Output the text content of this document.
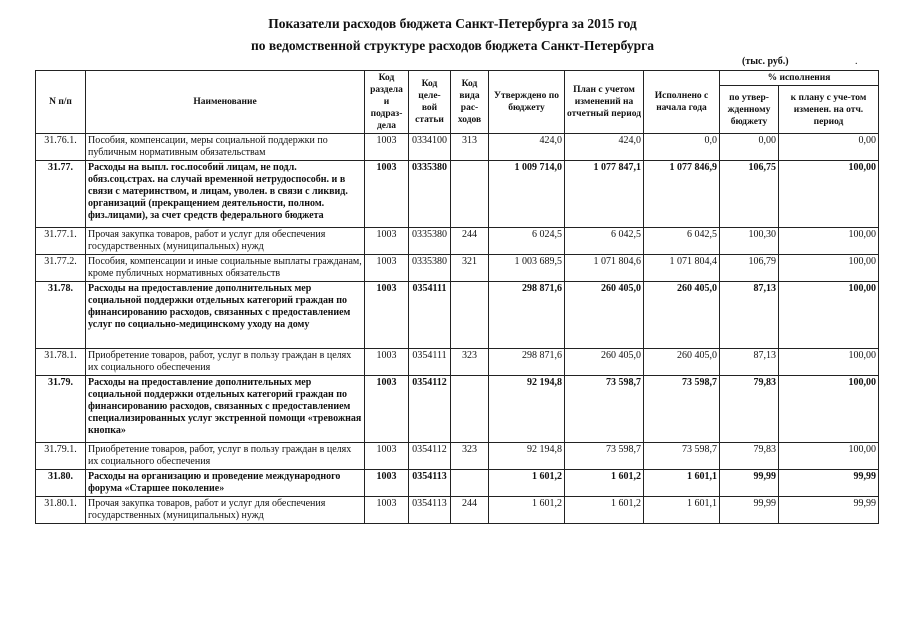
Показатели расходов бюджета Санкт-Петербурга за 2015 год
по ведомственной структуре расходов бюджета Санкт-Петербурга
(тыс. руб.)	.
N п/п	Наименование	Код раздела и подраз-дела	Код целе-вой статьи	Код вида рас-ходов	Утверждено по бюджету	План с учетом изменений на отчетный период	Исполнено с начала года	% исполнения	
								по утвер-жденному бюджету	к плану с уче-том изменен. на отч. период
31.76.1.	Пособия, компенсации, меры социальной поддержки по публичным нормативным обязательствам	1003	0334100	313	424,0	424,0	0,0	0,00	0,00
31.77.	Расходы на выпл. гос.пособий лицам, не подл. обяз.соц.страх. на случай временной нетрудоспособн. и в связи с материнством, и лицам, уволен. в связи с ликвид. организаций (прекращением деятельности, полном. физ.лицами), за счет средств федерального бюджета	1003	0335380		1 009 714,0	1 077 847,1	1 077 846,9	106,75	100,00
31.77.1.	Прочая закупка товаров, работ и услуг для обеспечения государственных (муниципальных) нужд	1003	0335380	244	6 024,5	6 042,5	6 042,5	100,30	100,00
31.77.2.	Пособия, компенсации и иные социальные выплаты гражданам, кроме публичных нормативных обязательств	1003	0335380	321	1 003 689,5	1 071 804,6	1 071 804,4	106,79	100,00
31.78.	Расходы на предоставление дополнительных мер социальной поддержки отдельных категорий граждан по финансированию расходов, связанных с предоставлением услуг по социально-медицинскому уходу на дому	1003	0354111		298 871,6	260 405,0	260 405,0	87,13	100,00
31.78.1.	Приобретение товаров, работ, услуг в пользу граждан в целях их социального обеспечения	1003	0354111	323	298 871,6	260 405,0	260 405,0	87,13	100,00
31.79.	Расходы на предоставление дополнительных мер социальной поддержки отдельных категорий граждан по финансированию расходов, связанных с предоставлением специализированных услуг экстренной помощи «тревожная кнопка»	1003	0354112		92 194,8	73 598,7	73 598,7	79,83	100,00
31.79.1.	Приобретение товаров, работ, услуг в пользу граждан в целях их социального обеспечения	1003	0354112	323	92 194,8	73 598,7	73 598,7	79,83	100,00
31.80.	Расходы на организацию и проведение международного форума «Старшее поколение»	1003	0354113		1 601,2	1 601,2	1 601,1	99,99	99,99
31.80.1.	Прочая закупка товаров, работ и услуг для обеспечения государственных (муниципальных) нужд	1003	0354113	244	1 601,2	1 601,2	1 601,1	99,99	99,99
